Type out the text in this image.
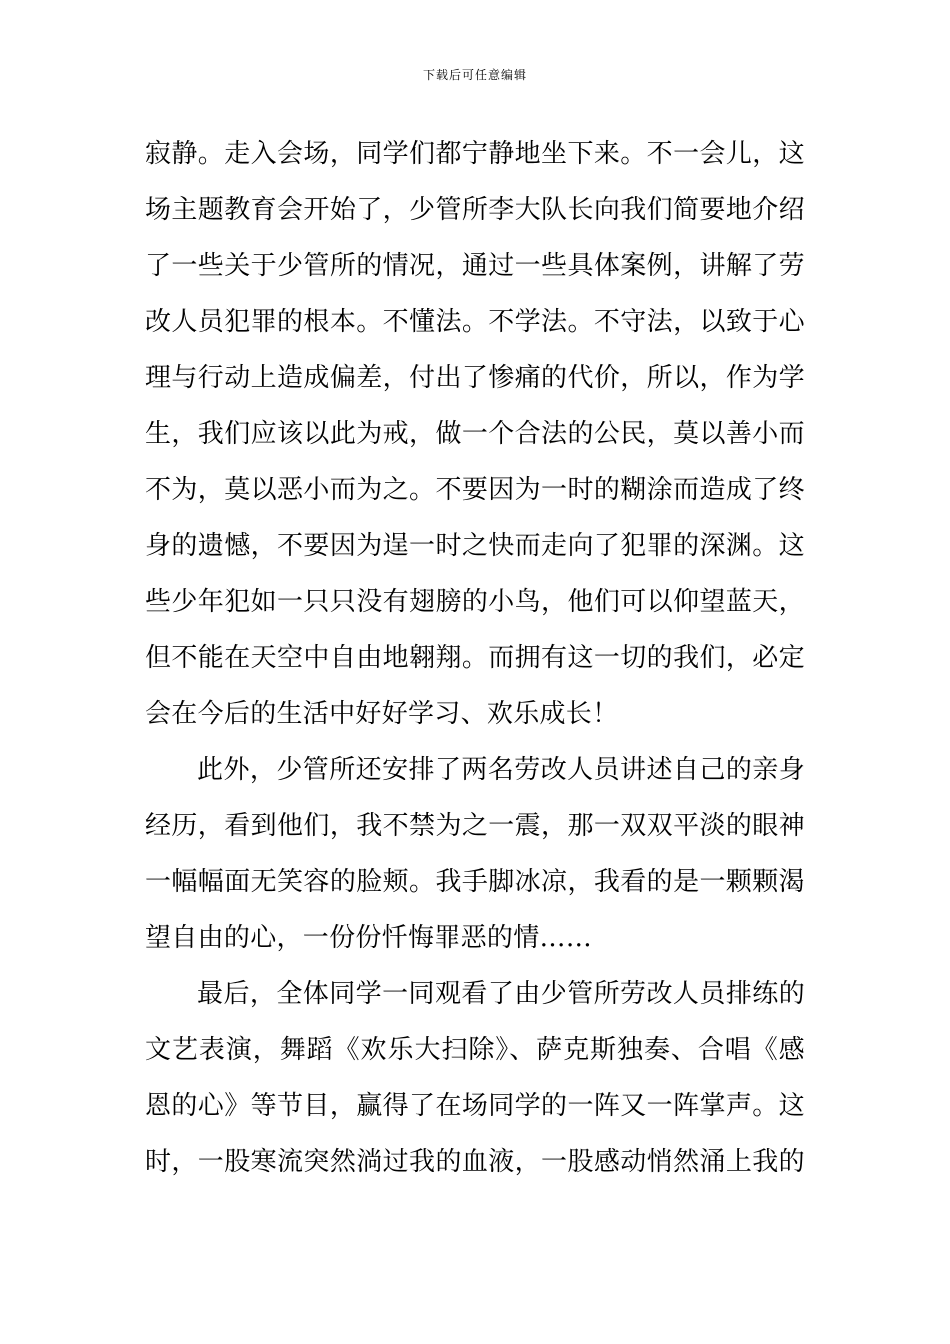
下载后可任意编辑
寂静。走入会场，同学们都宁静地坐下来。不一会儿，这
场主题教育会开始了，少管所李大队长向我们简要地介绍
了一些关于少管所的情况，通过一些具体案例，讲解了劳
改人员犯罪的根本。不懂法。不学法。不守法，以致于心
理与行动上造成偏差，付出了惨痛的代价，所以，作为学
生，我们应该以此为戒，做一个合法的公民，莫以善小而
不为，莫以恶小而为之。不要因为一时的糊涂而造成了终
身的遗憾，不要因为逞一时之快而走向了犯罪的深渊。这
些少年犯如一只只没有翅膀的小鸟，他们可以仰望蓝天，
但不能在天空中自由地翱翔。而拥有这一切的我们，必定
会在今后的生活中好好学习、欢乐成长！
此外，少管所还安排了两名劳改人员讲述自己的亲身
经历，看到他们，我不禁为之一震，那一双双平淡的眼神
一幅幅面无笑容的脸颊。我手脚冰凉，我看的是一颗颗渴
望自由的心，一份份忏悔罪恶的情……
最后，全体同学一同观看了由少管所劳改人员排练的
文艺表演，舞蹈《欢乐大扫除》、萨克斯独奏、合唱《感
恩的心》等节目，赢得了在场同学的一阵又一阵掌声。这
时，一股寒流突然淌过我的血液，一股感动悄然涌上我的
